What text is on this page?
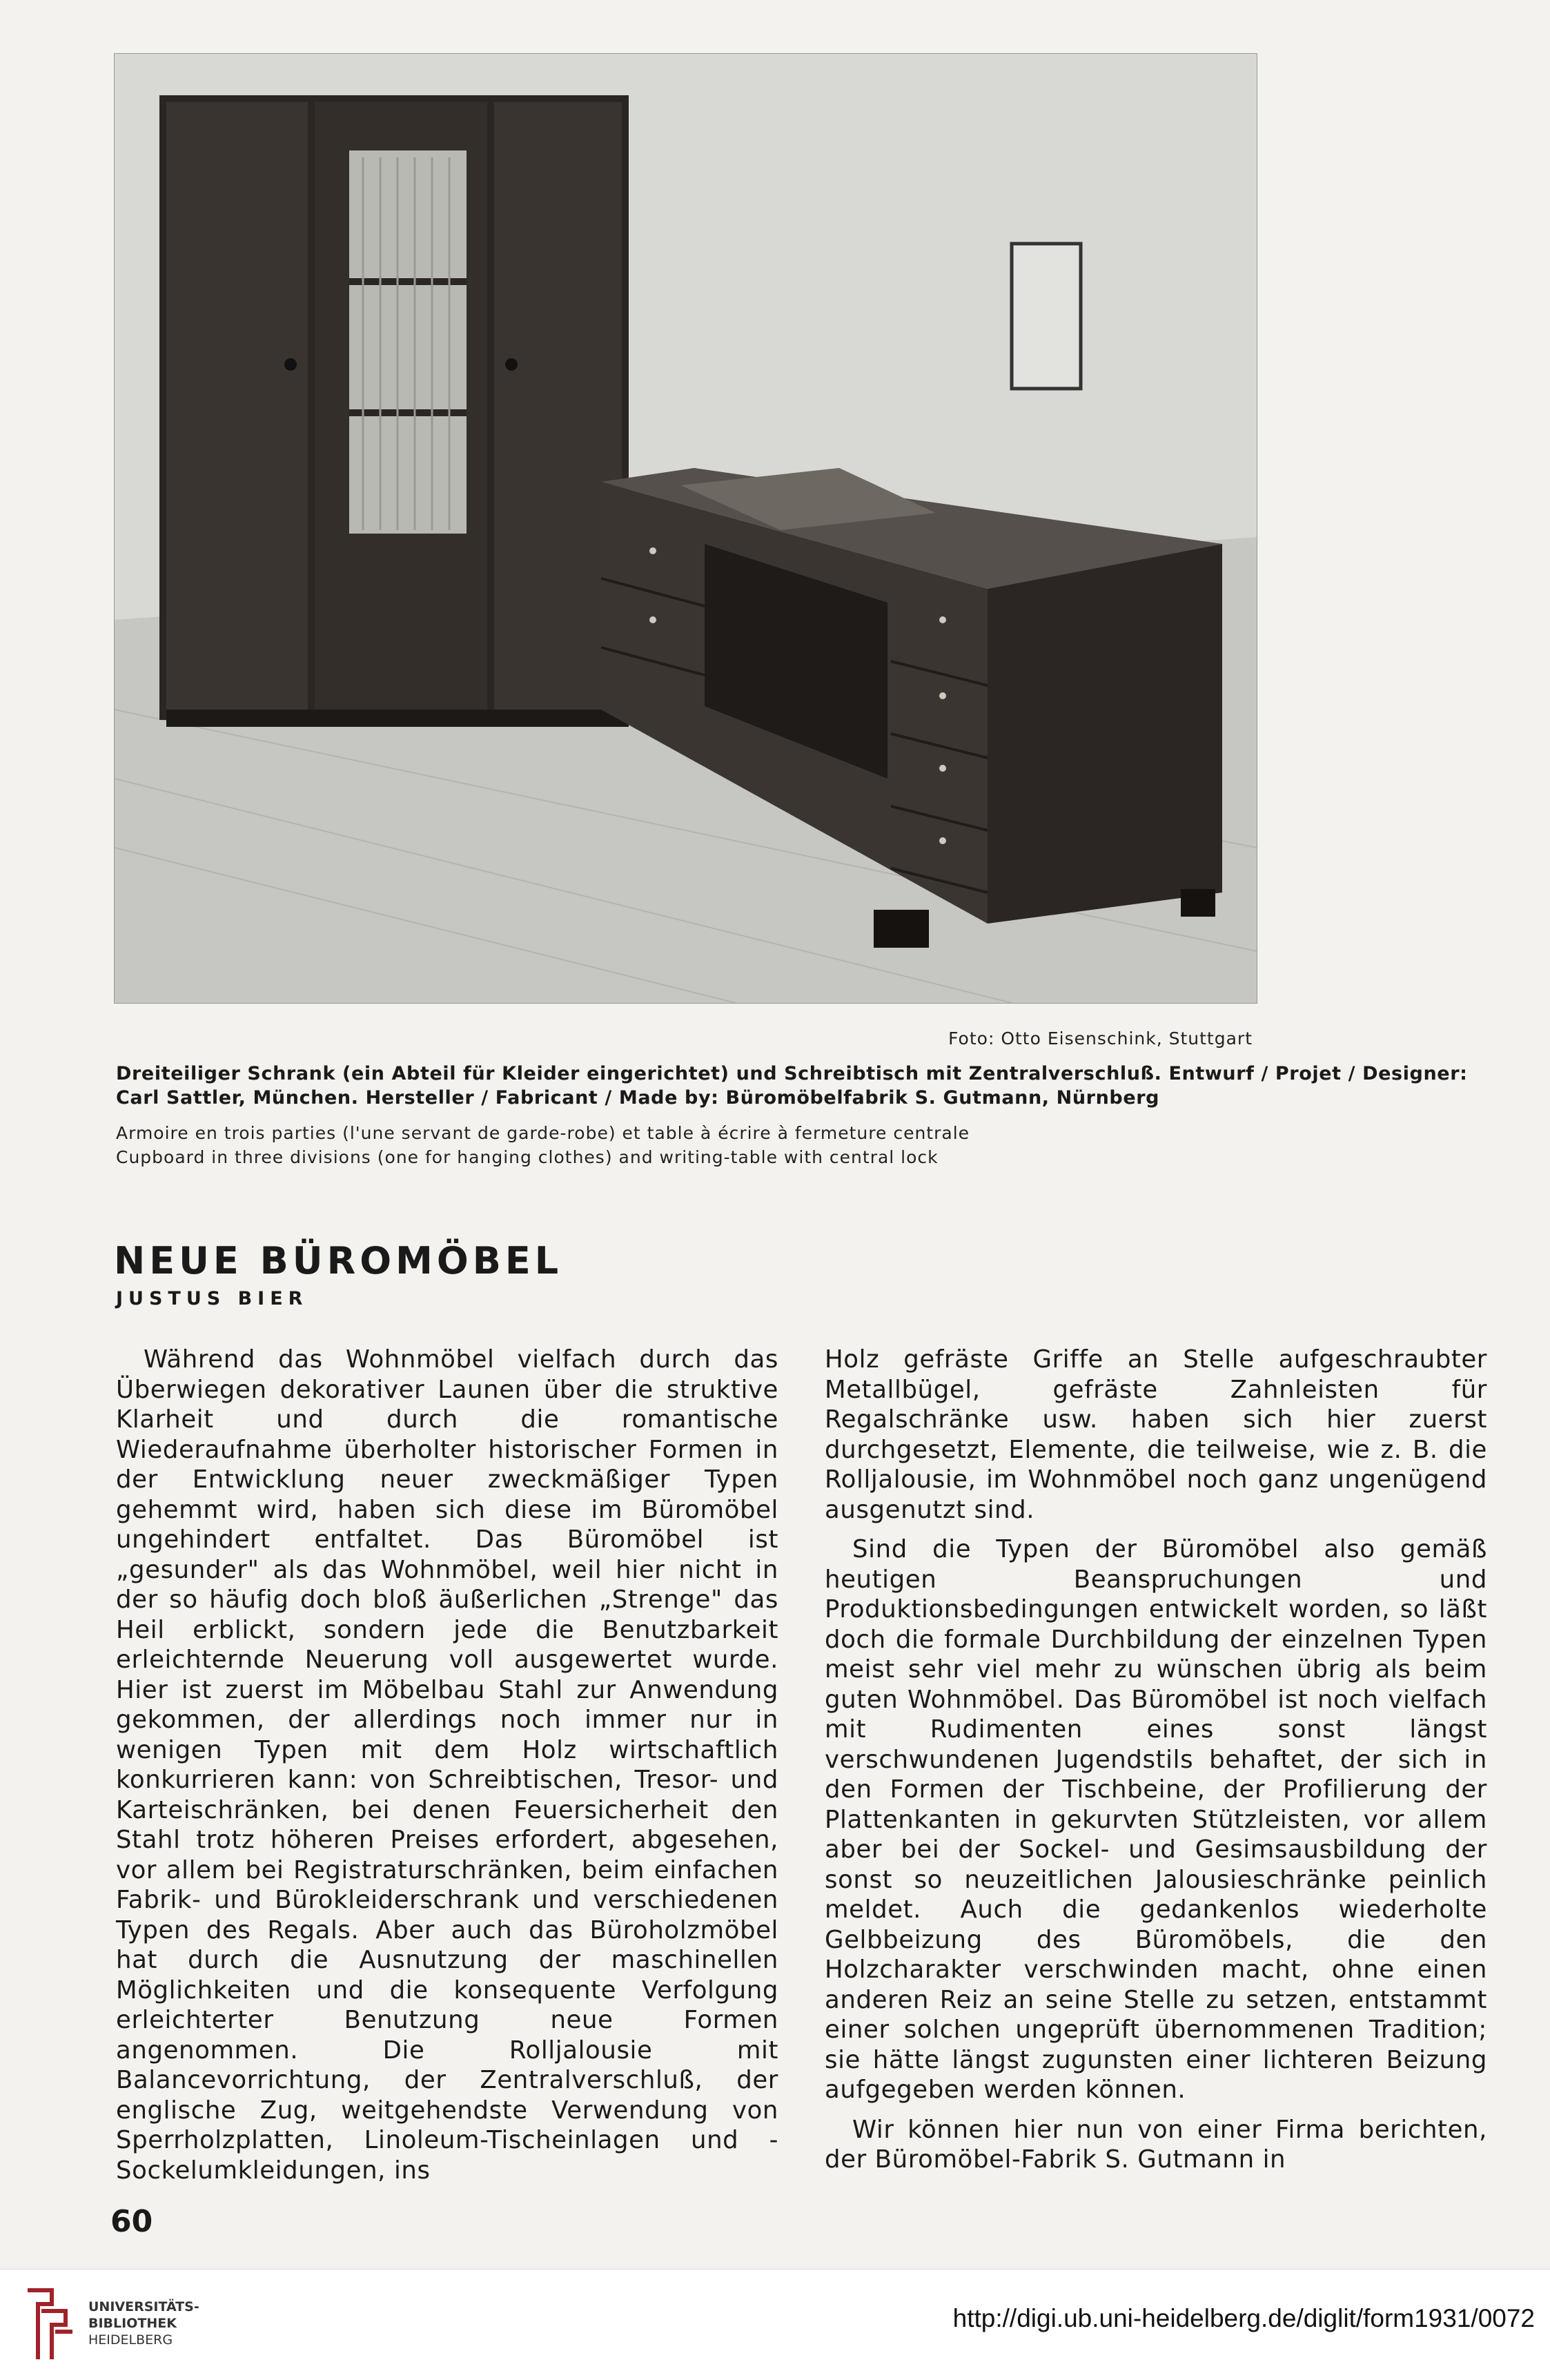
Foto: Otto Eisenschink, Stuttgart
Dreiteiliger Schrank (ein Abteil für Kleider eingerichtet) und Schreibtisch mit Zentralverschluß. Entwurf / Projet / Designer:
Carl Sattler, München. Hersteller / Fabricant / Made by: Büromöbelfabrik S. Gutmann, Nürnberg
Armoire en trois parties (l'une servant de garde-robe) et table à écrire à fermeture centrale
Cupboard in three divisions (one for hanging clothes) and writing-table with central lock
NEUE BÜROMÖBEL
JUSTUS BIER

Während das Wohnmöbel vielfach durch das Überwiegen dekorativer Launen über die struktive Klarheit und durch die romantische Wiederaufnahme überholter historischer Formen in der Entwicklung neuer zweckmäßiger Typen gehemmt wird, haben sich diese im Büromöbel ungehindert entfaltet. Das Büromöbel ist „gesunder" als das Wohnmöbel, weil hier nicht in der so häufig doch bloß äußerlichen „Strenge" das Heil erblickt, sondern jede die Benutzbarkeit erleichternde Neuerung voll ausgewertet wurde. Hier ist zuerst im Möbelbau Stahl zur Anwendung gekommen, der allerdings noch immer nur in wenigen Typen mit dem Holz wirtschaftlich konkurrieren kann: von Schreibtischen, Tresor- und Karteischränken, bei denen Feuersicherheit den Stahl trotz höheren Preises erfordert, abgesehen, vor allem bei Registraturschränken, beim einfachen Fabrik- und Bürokleiderschrank und verschiedenen Typen des Regals. Aber auch das Büroholzmöbel hat durch die Ausnutzung der maschinellen Möglichkeiten und die konsequente Verfolgung erleichterter Benutzung neue Formen angenommen. Die Rolljalousie mit Balancevorrichtung, der Zentralverschluß, der englische Zug, weitgehendste Verwendung von Sperrholzplatten, Linoleum-Tischeinlagen und -Sockelumkleidungen, ins

Holz gefräste Griffe an Stelle aufgeschraubter Metallbügel, gefräste Zahnleisten für Regalschränke usw. haben sich hier zuerst durchgesetzt, Elemente, die teilweise, wie z. B. die Rolljalousie, im Wohnmöbel noch ganz ungenügend ausgenutzt sind.

Sind die Typen der Büromöbel also gemäß heutigen Beanspruchungen und Produktionsbedingungen entwickelt worden, so läßt doch die formale Durchbildung der einzelnen Typen meist sehr viel mehr zu wünschen übrig als beim guten Wohnmöbel. Das Büromöbel ist noch vielfach mit Rudimenten eines sonst längst verschwundenen Jugendstils behaftet, der sich in den Formen der Tischbeine, der Profilierung der Plattenkanten in gekurvten Stützleisten, vor allem aber bei der Sockel- und Gesimsausbildung der sonst so neuzeitlichen Jalousieschränke peinlich meldet. Auch die gedankenlos wiederholte Gelbbeizung des Büromöbels, die den Holzcharakter verschwinden macht, ohne einen anderen Reiz an seine Stelle zu setzen, entstammt einer solchen ungeprüft übernommenen Tradition; sie hätte längst zugunsten einer lichteren Beizung aufgegeben werden können.

Wir können hier nun von einer Firma berichten, der Büromöbel-Fabrik S. Gutmann in

60
UNIVERSITÄTS-
BIBLIOTHEK
HEIDELBERG
http://digi.ub.uni-heidelberg.de/diglit/form1931/0072
